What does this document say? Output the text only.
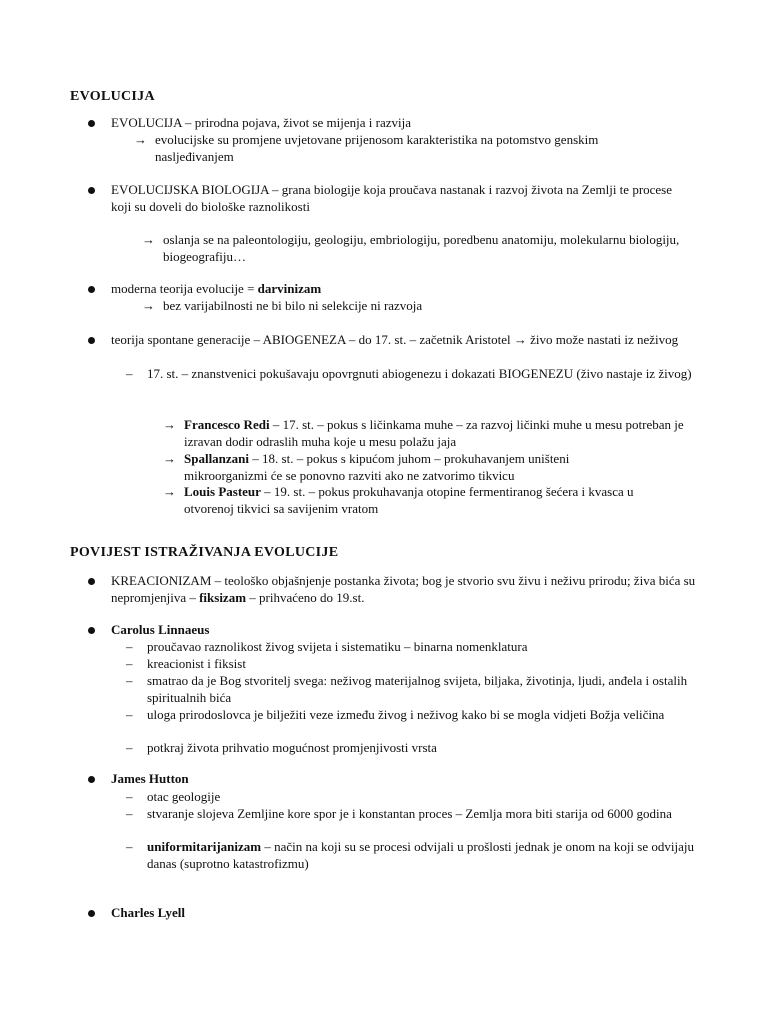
EVOLUCIJA
EVOLUCIJA – prirodna pojava, život se mijenja i razvija
→ evolucijske su promjene uvjetovane prijenosom karakteristika na potomstvo genskim nasljeđivanjem
EVOLUCIJSKA BIOLOGIJA – grana biologije koja proučava nastanak i razvoj života na Zemlji te procese koji su doveli do biološke raznolikosti
→ oslanja se na paleontologiju, geologiju, embriologiju, poredbenu anatomiju, molekularnu biologiju, biogeografiju…
moderna teorija evolucije = darvinizam
→ bez varijabilnosti ne bi bilo ni selekcije ni razvoja
teorija spontane generacije – ABIOGENEZA – do 17. st. – začetnik Aristotel → živo može nastati iz neživog
– 17. st. – znanstvenici pokušavaju opovrgnuti abiogenezu i dokazati BIOGENEZU (živo nastaje iz živog)
→ Francesco Redi – 17. st. – pokus s ličinkama muhe – za razvoj ličinki muhe u mesu potreban je izravan dodir odraslih muha koje u mesu polažu jaja
→ Spallanzani – 18. st. – pokus s kipućom juhom – prokuhavanjem uništeni mikroorganizmi će se ponovno razviti ako ne zatvorimo tikvicu
→ Louis Pasteur – 19. st. – pokus prokuhavanja otopine fermentiranog šećera i kvasca u otvorenoj tikvici sa savijenim vratom
POVIJEST ISTRAŽIVANJA EVOLUCIJE
KREACIONIZAM – teološko objašnjenje postanka života; bog je stvorio svu živu i neživu prirodu; živa bića su nepromjenjiva – fiksizam – prihvaćeno do 19.st.
Carolus Linnaeus
– proučavao raznolikost živog svijeta i sistematiku – binarna nomenklatura
– kreacionist i fiksist
– smatrao da je Bog stvoritelj svega: neživog materijalnog svijeta, biljaka, životinja, ljudi, anđela i ostalih spiritualnih bića
– uloga prirodoslovca je bilježiti veze između živog i neživog kako bi se mogla vidjeti Božja veličina
– potkraj života prihvatio mogućnost promjenjivosti vrsta
James Hutton
– otac geologije
– stvaranje slojeva Zemljine kore spor je i konstantan proces – Zemlja mora biti starija od 6000 godina
– uniformitarijanizam – način na koji su se procesi odvijali u prošlosti jednak je onom na koji se odvijaju danas (suprotno katastrofizmu)
Charles Lyell
